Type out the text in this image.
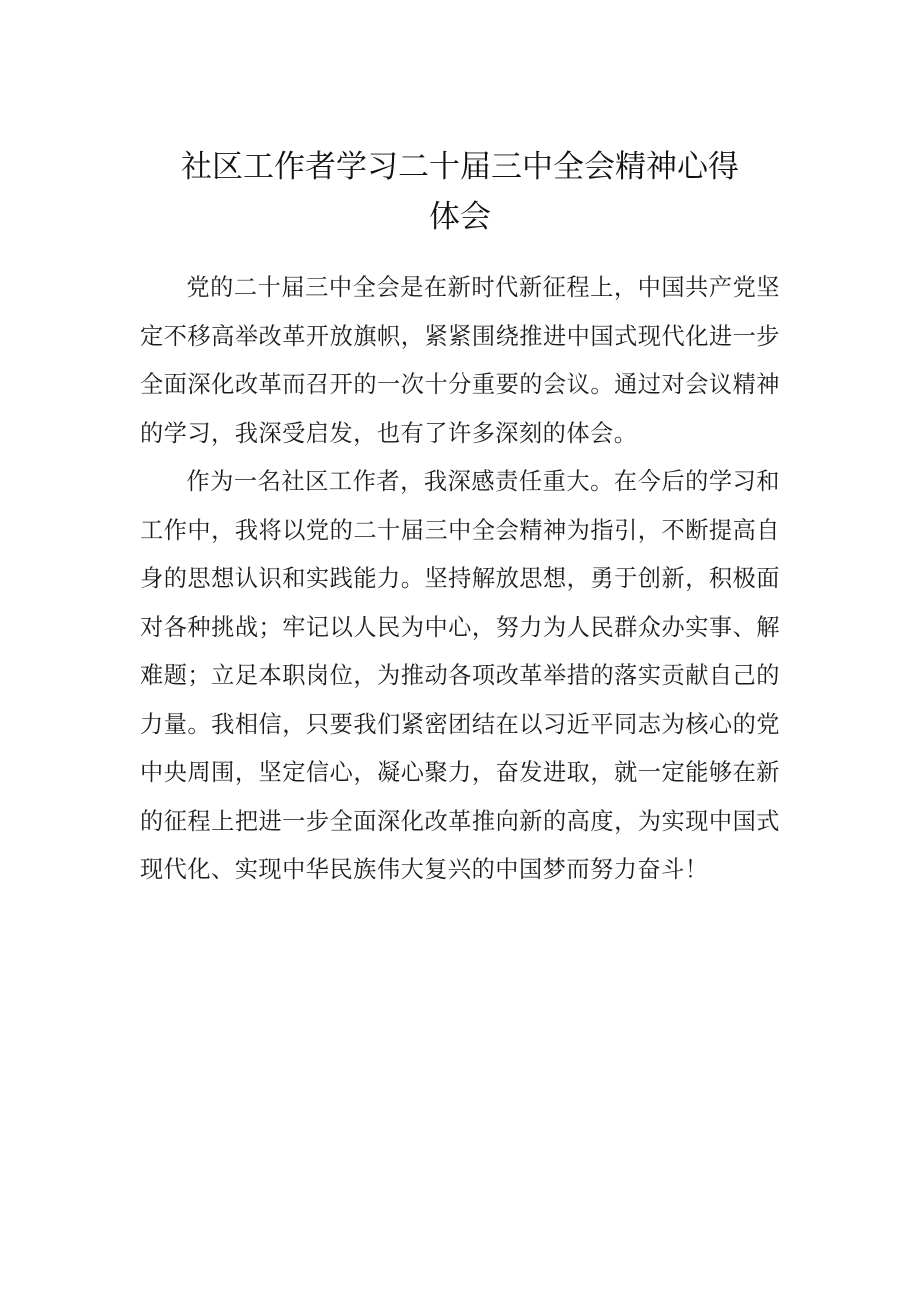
社区工作者学习二十届三中全会精神心得
体会

党的二十届三中全会是在新时代新征程上，中国共产党坚定不移高举改革开放旗帜，紧紧围绕推进中国式现代化进一步全面深化改革而召开的一次十分重要的会议。通过对会议精神的学习，我深受启发，也有了许多深刻的体会。

作为一名社区工作者，我深感责任重大。在今后的学习和工作中，我将以党的二十届三中全会精神为指引，不断提高自身的思想认识和实践能力。坚持解放思想，勇于创新，积极面对各种挑战；牢记以人民为中心，努力为人民群众办实事、解难题；立足本职岗位，为推动各项改革举措的落实贡献自己的力量。我相信，只要我们紧密团结在以习近平同志为核心的党中央周围，坚定信心，凝心聚力，奋发进取，就一定能够在新的征程上把进一步全面深化改革推向新的高度，为实现中国式现代化、实现中华民族伟大复兴的中国梦而努力奋斗！
